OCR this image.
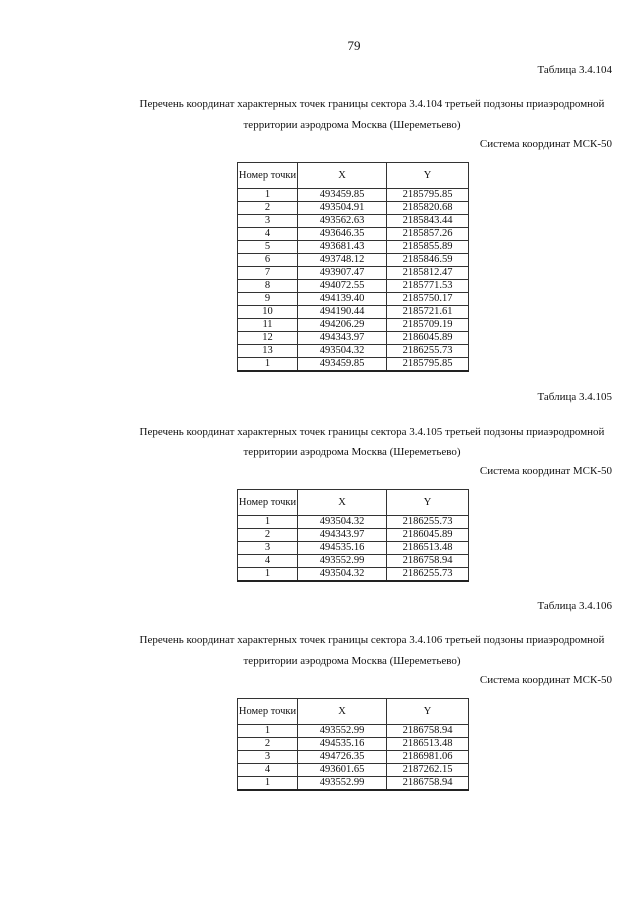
79
Таблица 3.4.104
Перечень координат характерных точек границы сектора 3.4.104 третьей подзоны приаэродромной
территории аэродрома Москва (Шереметьево)
Система координат МСК-50
Номер точки	X	Y
1	493459.85	2185795.85
2	493504.91	2185820.68
3	493562.63	2185843.44
4	493646.35	2185857.26
5	493681.43	2185855.89
6	493748.12	2185846.59
7	493907.47	2185812.47
8	494072.55	2185771.53
9	494139.40	2185750.17
10	494190.44	2185721.61
11	494206.29	2185709.19
12	494343.97	2186045.89
13	493504.32	2186255.73
1	493459.85	2185795.85
Таблица 3.4.105
Перечень координат характерных точек границы сектора 3.4.105 третьей подзоны приаэродромной
территории аэродрома Москва (Шереметьево)
Система координат МСК-50
Номер точки	X	Y
1	493504.32	2186255.73
2	494343.97	2186045.89
3	494535.16	2186513.48
4	493552.99	2186758.94
1	493504.32	2186255.73
Таблица 3.4.106
Перечень координат характерных точек границы сектора 3.4.106 третьей подзоны приаэродромной
территории аэродрома Москва (Шереметьево)
Система координат МСК-50
Номер точки	X	Y
1	493552.99	2186758.94
2	494535.16	2186513.48
3	494726.35	2186981.06
4	493601.65	2187262.15
1	493552.99	2186758.94
